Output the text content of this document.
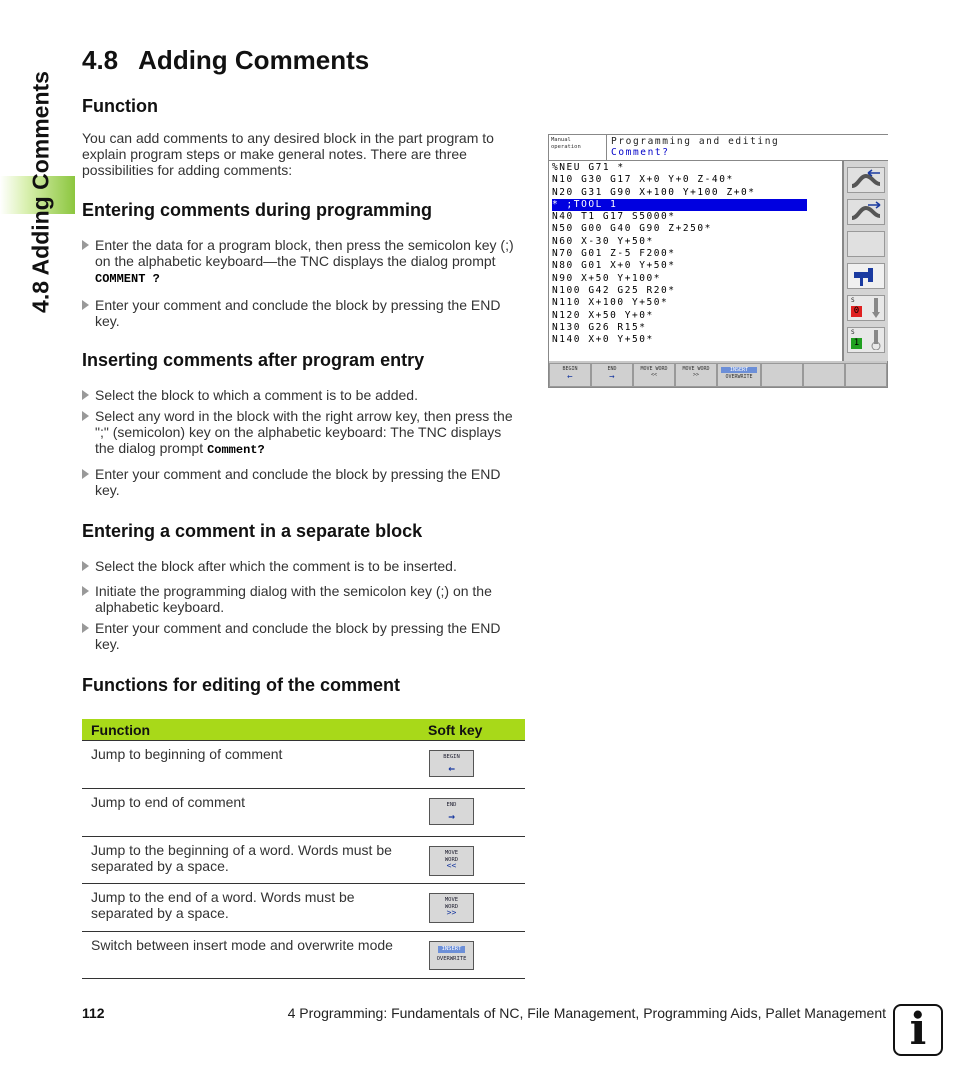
4.8 Adding Comments
4.8 Adding Comments
Function

You can add comments to any desired block in the part program to explain program steps or make general notes. There are three possibilities for adding comments:

Entering comments during programming
Enter the data for a program block, then press the semicolon key (;) on the alphabetic keyboard—the TNC displays the dialog prompt COMMENT ?
Enter your comment and conclude the block by pressing the END key.
Inserting comments after program entry
Select the block to which a comment is to be added.
Select any word in the block with the right arrow key, then press the ";" (semicolon) key on the alphabetic keyboard: The TNC displays the dialog prompt Comment?
Enter your comment and conclude the block by pressing the END key.
Entering a comment in a separate block
Select the block after which the comment is to be inserted.
Initiate the programming dialog with the semicolon key (;) on the alphabetic keyboard.
Enter your comment and conclude the block by pressing the END key.
Functions for editing of the comment
Manual
operation	Programming and editing
Comment?
%NEU G71 *
N10 G30 G17 X+0 Y+0 Z-40*
N20 G31 G90 X+100 Y+100 Z+0*
* ;TOOL 1
N40 T1 G17 S5000*
N50 G00 G40 G90 Z+250*
N60 X-30 Y+50*
N70 G01 Z-5 F200*
N80 G01 X+0 Y+50*
N90 X+50 Y+100*
N100 G42 G25 R20*
N110 X+100 Y+50*
N120 X+50 Y+0*
N130 G26 R15*
N140 X+0 Y+50*
S
0
S
1
BEGIN
←
END
→
MOVE WORD
<<
MOVE WORD
>>
INSERT
OVERWRITE
Function	Soft key
Jump to beginning of comment	BEGIN
←

Jump to end of comment	END
→

Jump to the beginning of a word. Words must be separated by a space.	MOVE
WORD
<<

Jump to the end of a word. Words must be separated by a space.	MOVE
WORD
>>

Switch between insert mode and overwrite mode	INSERT
OVERWRITE
112	4 Programming: Fundamentals of NC, File Management, Programming Aids, Pallet Management i
